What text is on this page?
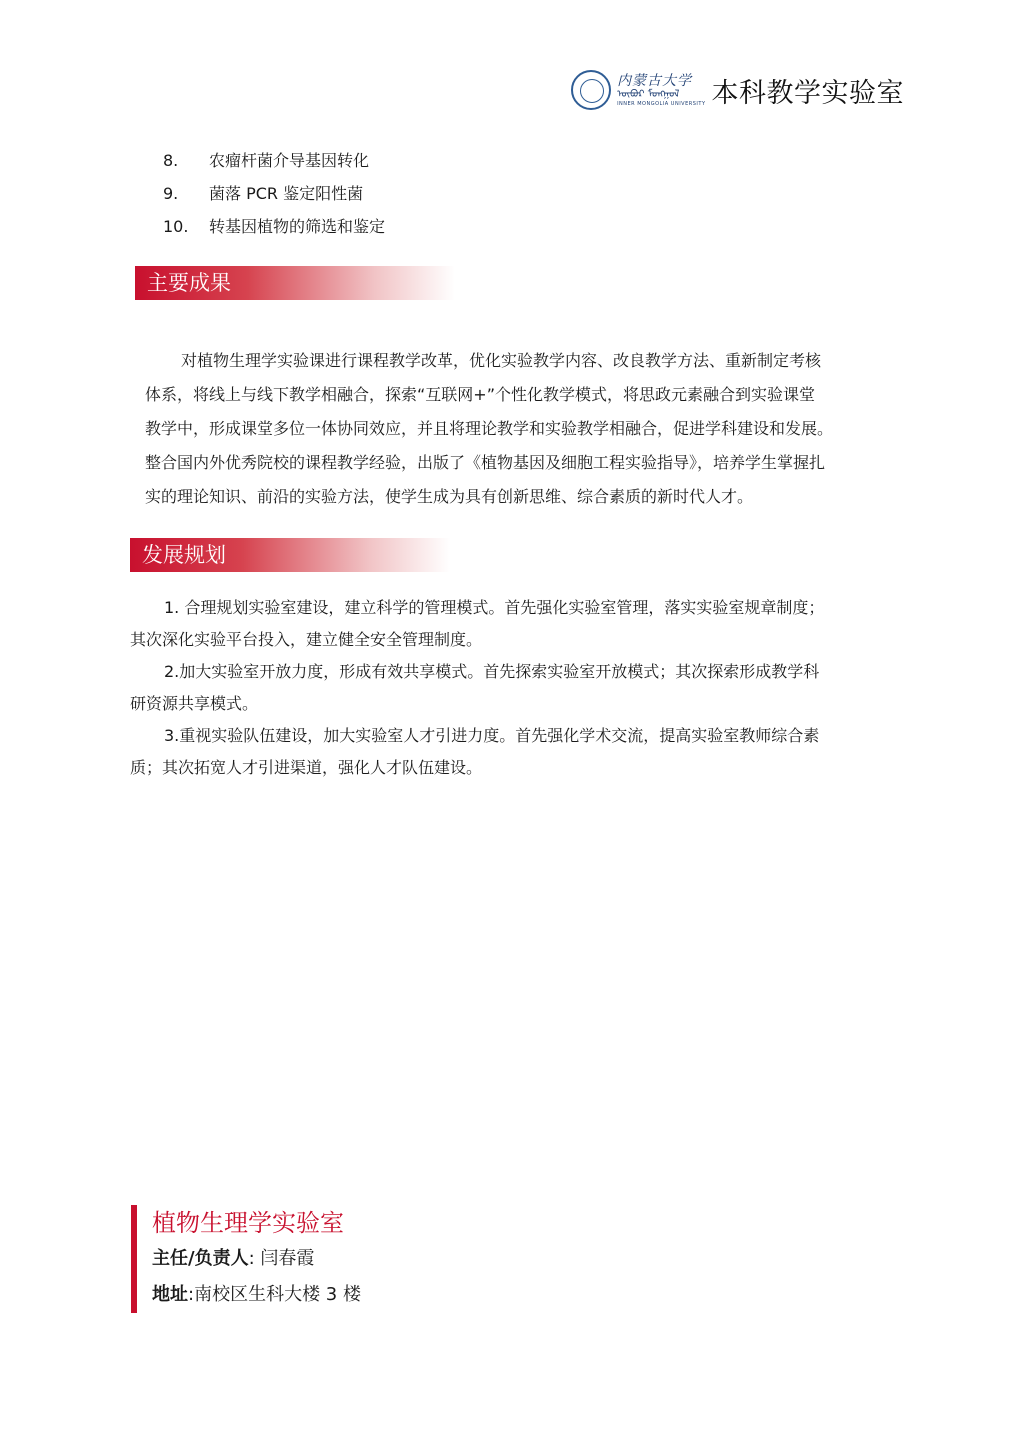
内蒙古大学
ᠦᠪᠦᠷ ᠮᠣᠩᠭᠣᠯ
INNER MONGOLIA UNIVERSITY 本科教学实验室
8.	农瘤杆菌介导基因转化
9.	菌落 PCR 鉴定阳性菌
10.	转基因植物的筛选和鉴定
主要成果

对植物生理学实验课进行课程教学改革，优化实验教学内容、改良教学方法、重新制定考核

体系，将线上与线下教学相融合，探索“互联网+”个性化教学模式，将思政元素融合到实验课堂

教学中，形成课堂多位一体协同效应，并且将理论教学和实验教学相融合，促进学科建设和发展。

整合国内外优秀院校的课程教学经验，出版了《植物基因及细胞工程实验指导》，培养学生掌握扎

实的理论知识、前沿的实验方法，使学生成为具有创新思维、综合素质的新时代人才。

发展规划

1. 合理规划实验室建设，建立科学的管理模式。首先强化实验室管理，落实实验室规章制度；

其次深化实验平台投入，建立健全安全管理制度。

2.加大实验室开放力度，形成有效共享模式。首先探索实验室开放模式；其次探索形成教学科

研资源共享模式。

3.重视实验队伍建设，加大实验室人才引进力度。首先强化学术交流，提高实验室教师综合素

质；其次拓宽人才引进渠道，强化人才队伍建设。
植物生理学实验室
主任/负责人: 闫春霞
地址:南校区生科大楼 3 楼
